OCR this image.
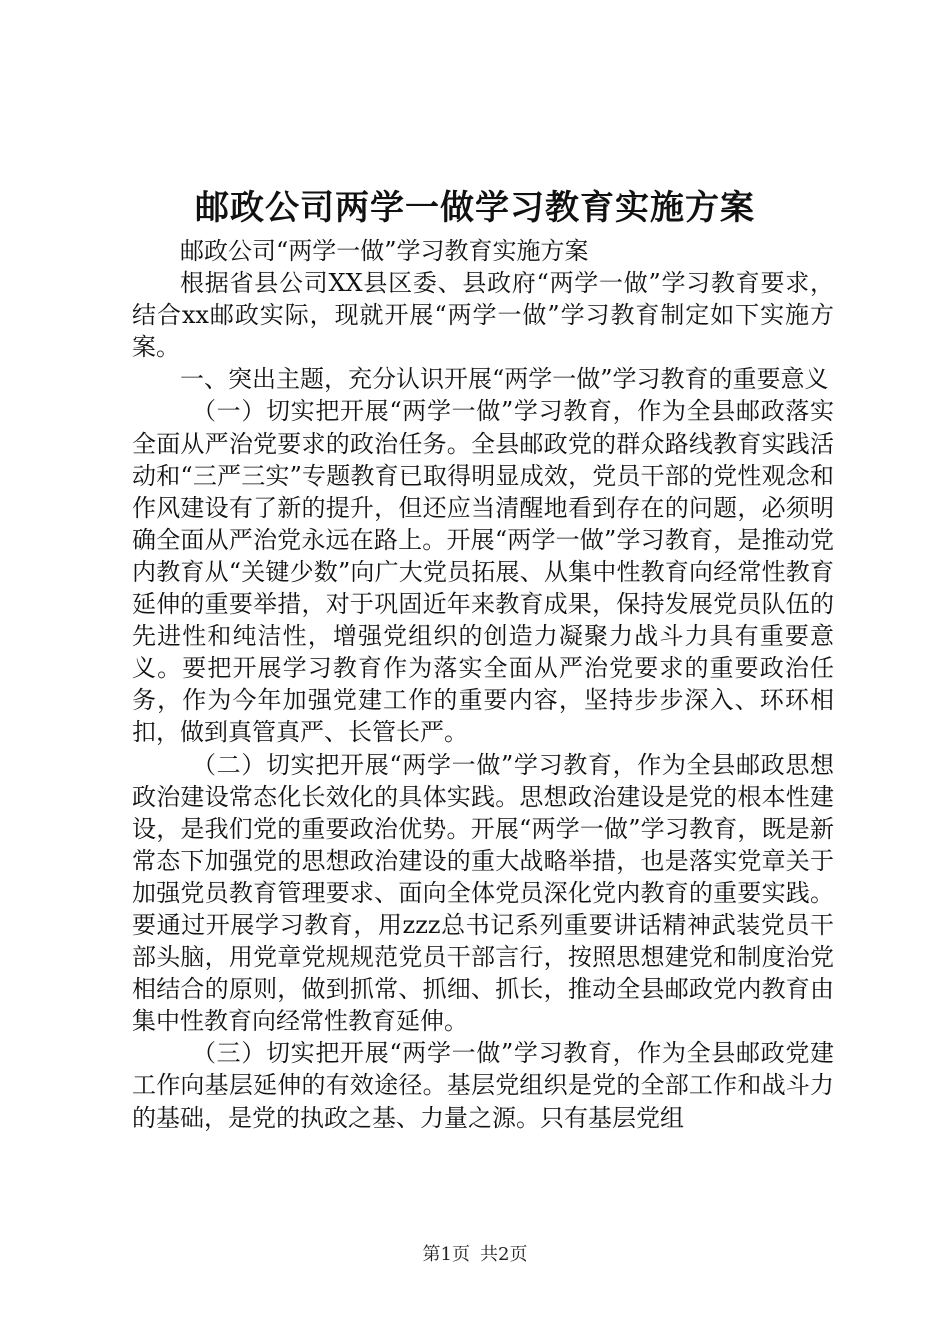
邮政公司两学一做学习教育实施方案

邮政公司“两学一做”学习教育实施方案

根据省县公司XX县区委、县政府“两学一做”学习教育要求，结合xx邮政实际，现就开展“两学一做”学习教育制定如下实施方案。

一、突出主题，充分认识开展“两学一做”学习教育的重要意义

（一）切实把开展“两学一做”学习教育，作为全县邮政落实全面从严治党要求的政治任务。全县邮政党的群众路线教育实践活动和“三严三实”专题教育已取得明显成效，党员干部的党性观念和作风建设有了新的提升，但还应当清醒地看到存在的问题，必须明确全面从严治党永远在路上。开展“两学一做”学习教育，是推动党内教育从“关键少数”向广大党员拓展、从集中性教育向经常性教育延伸的重要举措，对于巩固近年来教育成果，保持发展党员队伍的先进性和纯洁性，增强党组织的创造力凝聚力战斗力具有重要意义。要把开展学习教育作为落实全面从严治党要求的重要政治任务，作为今年加强党建工作的重要内容，坚持步步深入、环环相扣，做到真管真严、长管长严。

（二）切实把开展“两学一做”学习教育，作为全县邮政思想政治建设常态化长效化的具体实践。思想政治建设是党的根本性建设，是我们党的重要政治优势。开展“两学一做”学习教育，既是新常态下加强党的思想政治建设的重大战略举措，也是落实党章关于加强党员教育管理要求、面向全体党员深化党内教育的重要实践。要通过开展学习教育，用zzz总书记系列重要讲话精神武装党员干部头脑，用党章党规规范党员干部言行，按照思想建党和制度治党相结合的原则，做到抓常、抓细、抓长，推动全县邮政党内教育由集中性教育向经常性教育延伸。

（三）切实把开展“两学一做”学习教育，作为全县邮政党建工作向基层延伸的有效途径。基层党组织是党的全部工作和战斗力的基础，是党的执政之基、力量之源。只有基层党组

第1页 共2页
